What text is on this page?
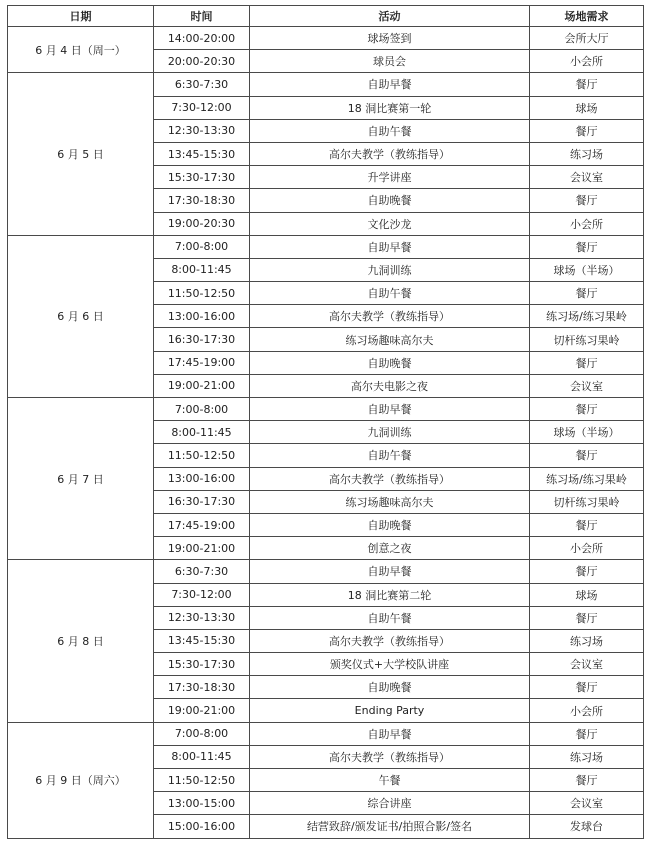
日期	时间	活动	场地需求
6 月 4 日（周一）	14:00-20:00	球场签到	会所大厅
	20:00-20:30	球员会	小会所
6 月 5 日	6:30-7:30	自助早餐	餐厅
	7:30-12:00	18 洞比赛第一轮	球场
	12:30-13:30	自助午餐	餐厅
	13:45-15:30	高尔夫教学（教练指导）	练习场
	15:30-17:30	升学讲座	会议室
	17:30-18:30	自助晚餐	餐厅
	19:00-20:30	文化沙龙	小会所
6 月 6 日	7:00-8:00	自助早餐	餐厅
	8:00-11:45	九洞训练	球场（半场）
	11:50-12:50	自助午餐	餐厅
	13:00-16:00	高尔夫教学（教练指导）	练习场/练习果岭
	16:30-17:30	练习场趣味高尔夫	切杆练习果岭
	17:45-19:00	自助晚餐	餐厅
	19:00-21:00	高尔夫电影之夜	会议室
6 月 7 日	7:00-8:00	自助早餐	餐厅
	8:00-11:45	九洞训练	球场（半场）
	11:50-12:50	自助午餐	餐厅
	13:00-16:00	高尔夫教学（教练指导）	练习场/练习果岭
	16:30-17:30	练习场趣味高尔夫	切杆练习果岭
	17:45-19:00	自助晚餐	餐厅
	19:00-21:00	创意之夜	小会所
6 月 8 日	6:30-7:30	自助早餐	餐厅
	7:30-12:00	18 洞比赛第二轮	球场
	12:30-13:30	自助午餐	餐厅
	13:45-15:30	高尔夫教学（教练指导）	练习场
	15:30-17:30	颁奖仪式+大学校队讲座	会议室
	17:30-18:30	自助晚餐	餐厅
	19:00-21:00	Ending Party	小会所
6 月 9 日（周六）	7:00-8:00	自助早餐	餐厅
	8:00-11:45	高尔夫教学（教练指导）	练习场
	11:50-12:50	午餐	餐厅
	13:00-15:00	综合讲座	会议室
	15:00-16:00	结营致辞/颁发证书/拍照合影/签名	发球台
